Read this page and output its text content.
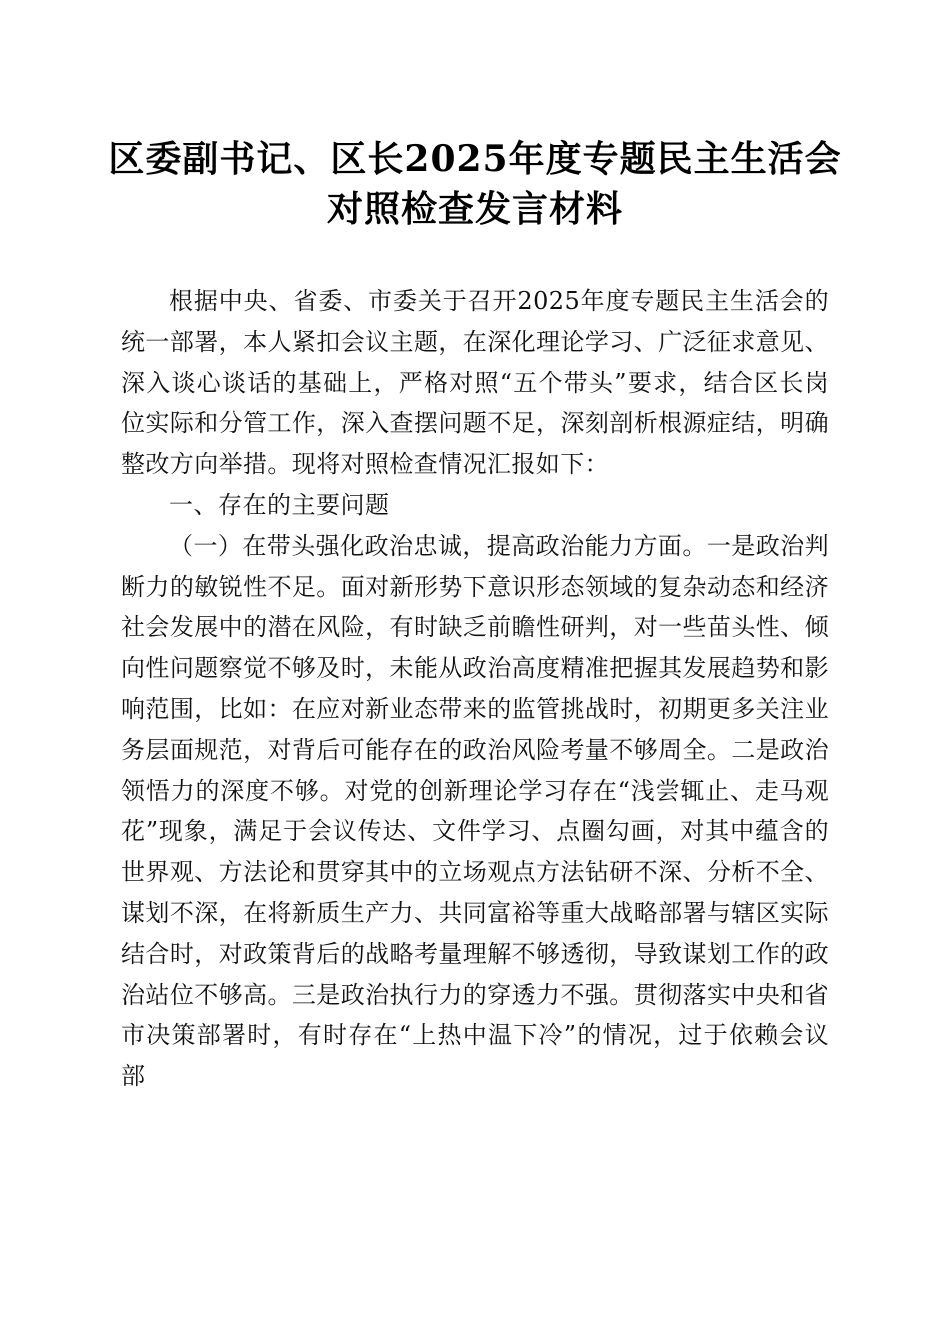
区委副书记、区长2025年度专题民主生活会
对照检查发言材料

根据中央、省委、市委关于召开2025年度专题民主生活会的统一部署，本人紧扣会议主题，在深化理论学习、广泛征求意见、深入谈心谈话的基础上，严格对照“五个带头”要求，结合区长岗位实际和分管工作，深入查摆问题不足，深刻剖析根源症结，明确整改方向举措。现将对照检查情况汇报如下：

一、存在的主要问题

（一）在带头强化政治忠诚，提高政治能力方面。一是政治判断力的敏锐性不足。面对新形势下意识形态领域的复杂动态和经济社会发展中的潜在风险，有时缺乏前瞻性研判，对一些苗头性、倾向性问题察觉不够及时，未能从政治高度精准把握其发展趋势和影响范围，比如：在应对新业态带来的监管挑战时，初期更多关注业务层面规范，对背后可能存在的政治风险考量不够周全。二是政治领悟力的深度不够。对党的创新理论学习存在“浅尝辄止、走马观花”现象，满足于会议传达、文件学习、点圈勾画，对其中蕴含的世界观、方法论和贯穿其中的立场观点方法钻研不深、分析不全、谋划不深，在将新质生产力、共同富裕等重大战略部署与辖区实际结合时，对政策背后的战略考量理解不够透彻，导致谋划工作的政治站位不够高。三是政治执行力的穿透力不强。贯彻落实中央和省市决策部署时，有时存在“上热中温下冷”的情况，过于依赖会议部
